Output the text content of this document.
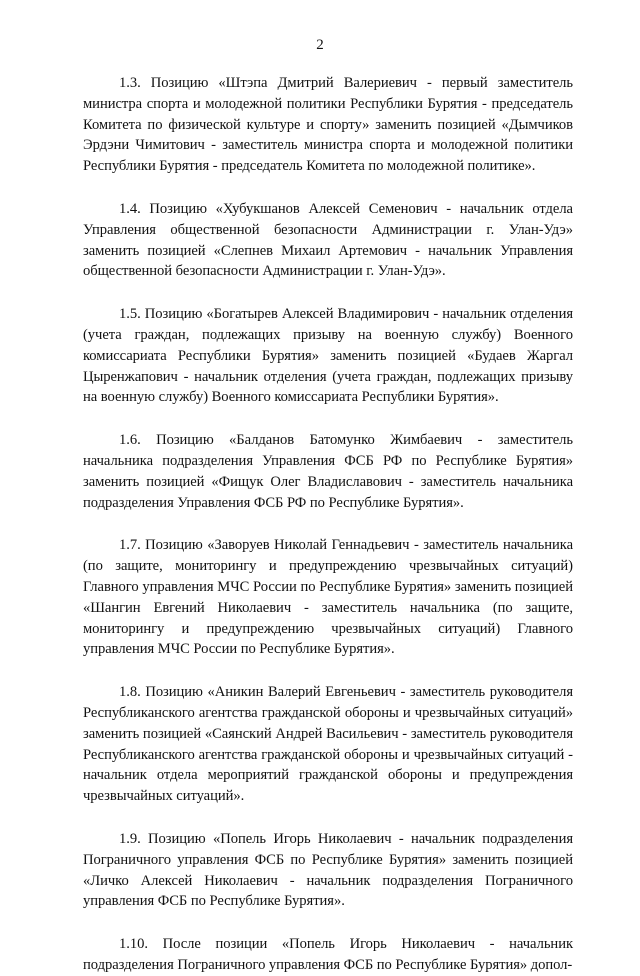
2

1.3. Позицию «Штэпа Дмитрий Валериевич - первый заместитель министра спорта и молодежной политики Республики Бурятия - председатель Комитета по физической культуре и спорту» заменить позицией «Дымчиков Эрдэни Чимитович - заместитель министра спорта и молодежной политики Республики Бурятия - председатель Комитета по молодежной политике».

1.4. Позицию «Хубукшанов Алексей Семенович - начальник отдела Управления общественной безопасности Администрации г. Улан-Удэ» заменить позицией «Слепнев Михаил Артемович - начальник Управления общественной безопасности Администрации г. Улан-Удэ».

1.5. Позицию «Богатырев Алексей Владимирович - начальник отделения (учета граждан, подлежащих призыву на военную службу) Военного комиссариата Республики Бурятия» заменить позицией «Будаев Жаргал Цыренжапович - начальник отделения (учета граждан, подлежащих призыву на военную службу) Военного комиссариата Республики Бурятия».

1.6. Позицию «Балданов Батомунко Жимбаевич - заместитель начальника подразделения Управления ФСБ РФ по Республике Бурятия» заменить позицией «Фищук Олег Владиславович - заместитель начальника подразделения Управления ФСБ РФ по Республике Бурятия».

1.7. Позицию «Заворуев Николай Геннадьевич - заместитель начальника (по защите, мониторингу и предупреждению чрезвычайных ситуаций) Главного управления МЧС России по Республике Бурятия» заменить позицией «Шангин Евгений Николаевич - заместитель начальника (по защите, мониторингу и предупреждению чрезвычайных ситуаций) Главного управления МЧС России по Республике Бурятия».

1.8. Позицию «Аникин Валерий Евгеньевич - заместитель руководителя Республиканского агентства гражданской обороны и чрезвычайных ситуаций» заменить позицией «Саянский Андрей Васильевич - заместитель руководителя Республиканского агентства гражданской обороны и чрезвычайных ситуаций - начальник отдела мероприятий гражданской обороны и предупреждения чрезвычайных ситуаций».

1.9. Позицию «Попель Игорь Николаевич - начальник подразделения Пограничного управления ФСБ по Республике Бурятия» заменить позицией «Личко Алексей Николаевич - начальник подразделения Пограничного управления ФСБ по Республике Бурятия».

1.10. После позиции «Попель Игорь Николаевич - начальник подразделения Пограничного управления ФСБ по Республике Бурятия» допол-
